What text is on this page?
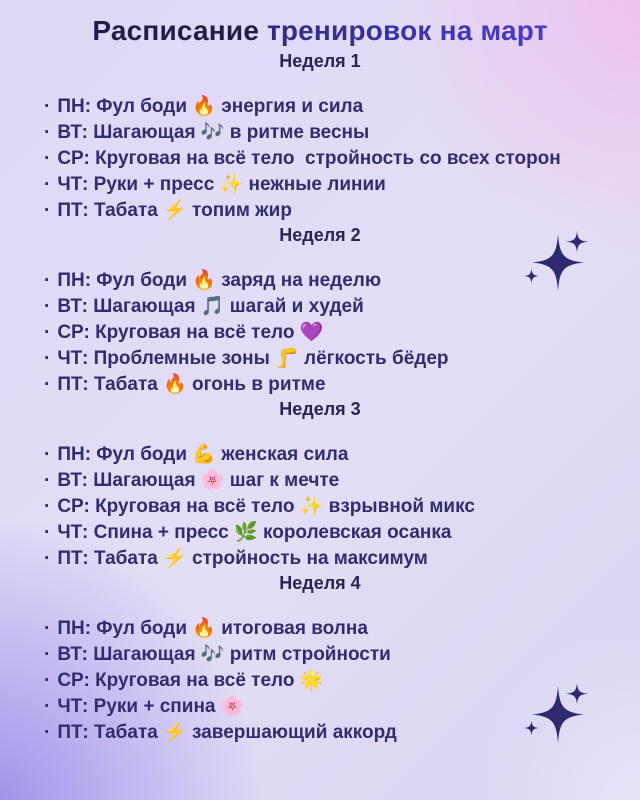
Расписание тренировок на март
Неделя 1
· ПН: Фул боди 🔥 энергия и сила
· ВТ: Шагающая 🎶 в ритме весны
· СР: Круговая на всё тело  стройность со всех сторон
· ЧТ: Руки + пресс ✨ нежные линии
· ПТ: Табата ⚡ топим жир
Неделя 2
· ПН: Фул боди 🔥 заряд на неделю
· ВТ: Шагающая 🎵 шагай и худей
· СР: Круговая на всё тело 💜
· ЧТ: Проблемные зоны 🦵 лёгкость бёдер
· ПТ: Табата 🔥 огонь в ритме
Неделя 3
· ПН: Фул боди 💪 женская сила
· ВТ: Шагающая 🌸 шаг к мечте
· СР: Круговая на всё тело ✨ взрывной микс
· ЧТ: Спина + пресс 🌿 королевская осанка
· ПТ: Табата ⚡ стройность на максимум
Неделя 4
· ПН: Фул боди 🔥 итоговая волна
· ВТ: Шагающая 🎶 ритм стройности
· СР: Круговая на всё тело 🌟
· ЧТ: Руки + спина 🌸
· ПТ: Табата ⚡ завершающий аккорд
